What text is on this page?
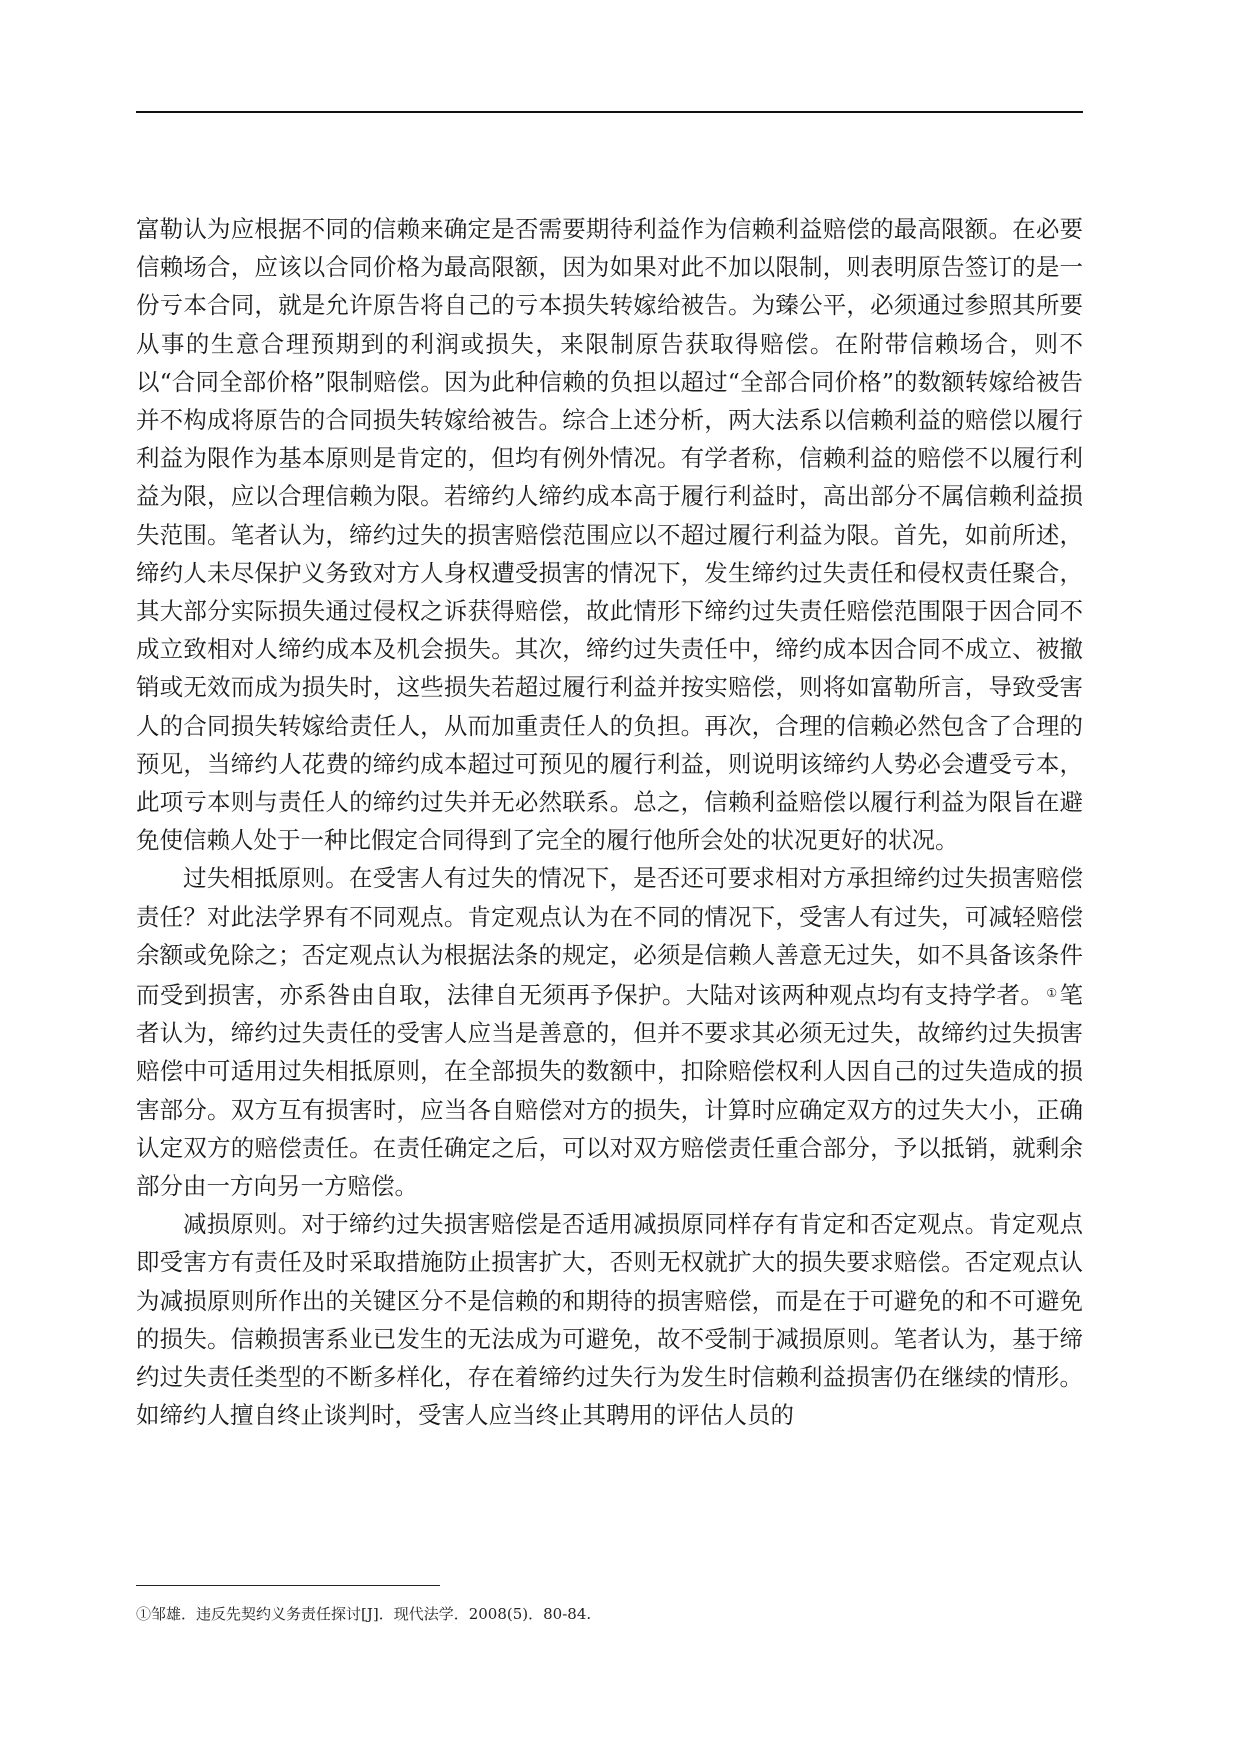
富勒认为应根据不同的信赖来确定是否需要期待利益作为信赖利益赔偿的最高限额。在必要信赖场合，应该以合同价格为最高限额，因为如果对此不加以限制，则表明原告签订的是一份亏本合同，就是允许原告将自己的亏本损失转嫁给被告。为臻公平，必须通过参照其所要从事的生意合理预期到的利润或损失，来限制原告获取得赔偿。在附带信赖场合，则不以“合同全部价格”限制赔偿。因为此种信赖的负担以超过“全部合同价格”的数额转嫁给被告并不构成将原告的合同损失转嫁给被告。综合上述分析，两大法系以信赖利益的赔偿以履行利益为限作为基本原则是肯定的，但均有例外情况。有学者称，信赖利益的赔偿不以履行利益为限，应以合理信赖为限。若缔约人缔约成本高于履行利益时，高出部分不属信赖利益损失范围。笔者认为，缔约过失的损害赔偿范围应以不超过履行利益为限。首先，如前所述，缔约人未尽保护义务致对方人身权遭受损害的情况下，发生缔约过失责任和侵权责任聚合，其大部分实际损失通过侵权之诉获得赔偿，故此情形下缔约过失责任赔偿范围限于因合同不成立致相对人缔约成本及机会损失。其次，缔约过失责任中，缔约成本因合同不成立、被撤销或无效而成为损失时，这些损失若超过履行利益并按实赔偿，则将如富勒所言，导致受害人的合同损失转嫁给责任人，从而加重责任人的负担。再次，合理的信赖必然包含了合理的预见，当缔约人花费的缔约成本超过可预见的履行利益，则说明该缔约人势必会遭受亏本，此项亏本则与责任人的缔约过失并无必然联系。总之，信赖利益赔偿以履行利益为限旨在避免使信赖人处于一种比假定合同得到了完全的履行他所会处的状况更好的状况。

过失相抵原则。在受害人有过失的情况下，是否还可要求相对方承担缔约过失损害赔偿责任？对此法学界有不同观点。肯定观点认为在不同的情况下，受害人有过失，可减轻赔偿余额或免除之；否定观点认为根据法条的规定，必须是信赖人善意无过失，如不具备该条件而受到损害，亦系咎由自取，法律自无须再予保护。大陆对该两种观点均有支持学者。 ①笔者认为，缔约过失责任的受害人应当是善意的，但并不要求其必须无过失，故缔约过失损害赔偿中可适用过失相抵原则，在全部损失的数额中，扣除赔偿权利人因自己的过失造成的损害部分。双方互有损害时，应当各自赔偿对方的损失，计算时应确定双方的过失大小，正确认定双方的赔偿责任。在责任确定之后，可以对双方赔偿责任重合部分，予以抵销，就剩余部分由一方向另一方赔偿。

减损原则。对于缔约过失损害赔偿是否适用减损原同样存有肯定和否定观点。肯定观点即受害方有责任及时采取措施防止损害扩大，否则无权就扩大的损失要求赔偿。否定观点认为减损原则所作出的关键区分不是信赖的和期待的损害赔偿，而是在于可避免的和不可避免的损失。信赖损害系业已发生的无法成为可避免，故不受制于减损原则。笔者认为，基于缔约过失责任类型的不断多样化，存在着缔约过失行为发生时信赖利益损害仍在继续的情形。如缔约人擅自终止谈判时，受害人应当终止其聘用的评估人员的

①邹雄．违反先契约义务责任探讨[J]．现代法学．2008(5)．80-84.
